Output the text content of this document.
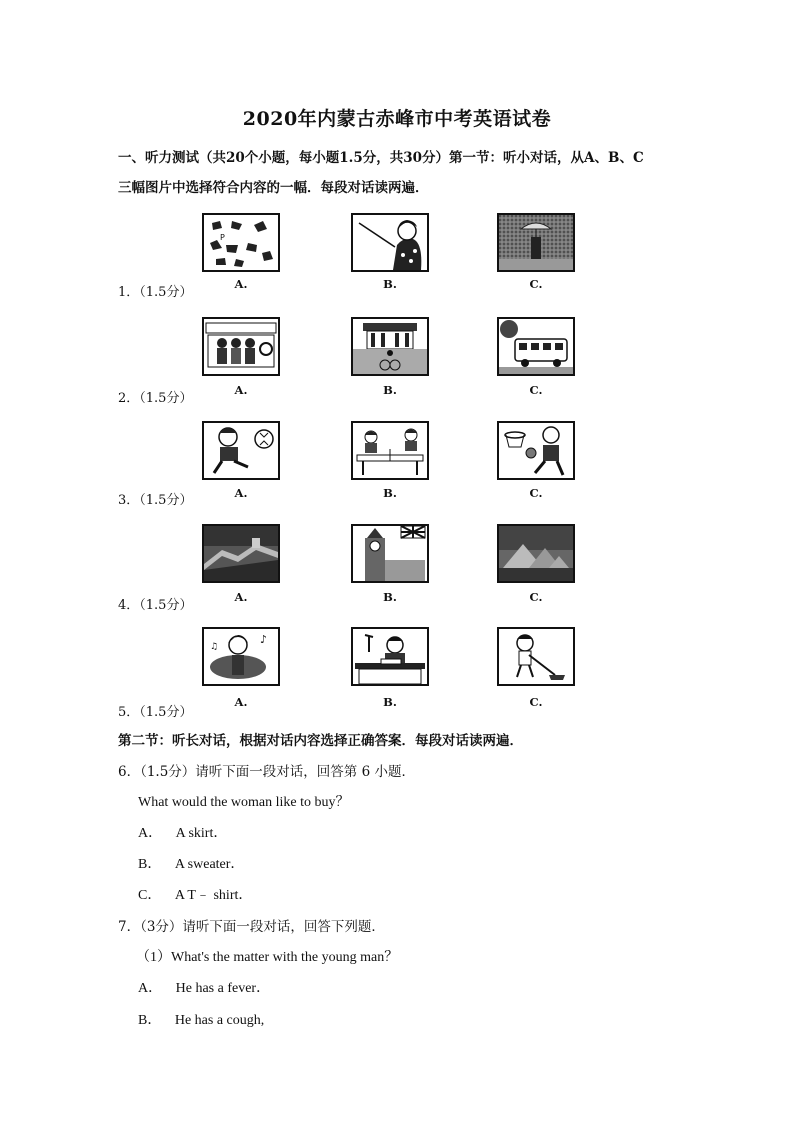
2020年内蒙古赤峰市中考英语试卷
一、听力测试（共20个小题，每小题1.5分，共30分）第一节：听小对话，从A、B、C
三幅图片中选择符合内容的一幅．每段对话读两遍．
P
A.	B.	C.
1．（1.5分）
A.	B.	C.
2．（1.5分）
A.	B.	C.
3．（1.5分）
A.	B.	C.
4．（1.5分）
♪
♫
A.	B.	C.
5．（1.5分）
第二节：听长对话，根据对话内容选择正确答案．每段对话读两遍．
6．（1.5分）请听下面一段对话，回答第 6 小题．
What would the woman like to buy？
A． A skirt．
B． A sweater．
C． A T﹣ shirt．
7．（3分）请听下面一段对话，回答下列题．
（1）What's the matter with the young man？
A． He has a fever．
B． He has a cough,
